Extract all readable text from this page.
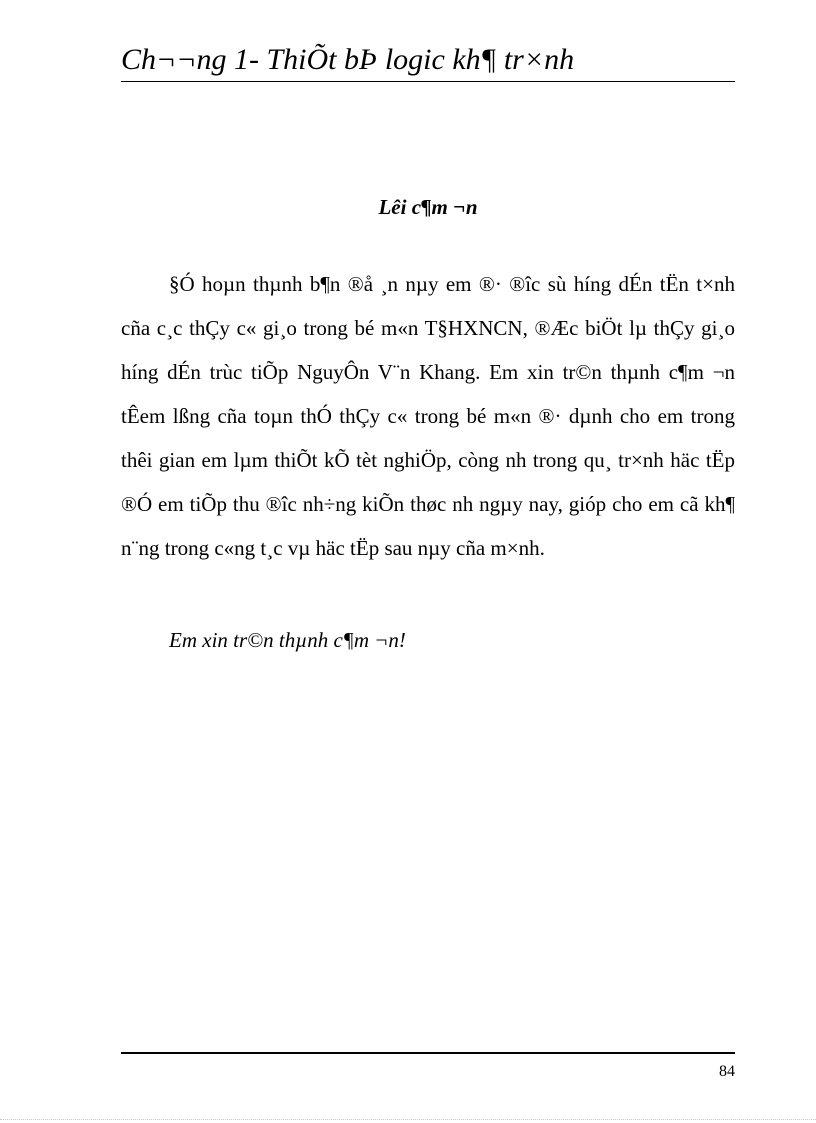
Ch¬¬ng 1- ThiÕt bÞ logic kh¶ tr×nh
Lêi c¶m ¬n

§Ó hoµn thµnh b¶n ®å ¸n nµy em ®· ®îc sù híng dÉn tËn t×nh cña c¸c thÇy c« gi¸o trong bé m«n T§HXNCN, ®Æc biÖt lµ thÇy gi¸o híng dÉn trùc tiÕp NguyÔn V¨n Khang. Em xin tr©n thµnh c¶m ¬n tÊem lßng cña toµn thÓ thÇy c« trong bé m«n ®· dµnh cho em trong thêi gian em lµm thiÕt kÕ tèt nghiÖp, còng nh trong qu¸ tr×nh häc tËp ®Ó em tiÕp thu ®îc nh÷ng kiÕn thøc nh ngµy nay, gióp cho em cã kh¶ n¨ng trong c«ng t¸c vµ häc tËp sau nµy cña m×nh.

Em xin tr©n thµnh c¶m ¬n!
84
